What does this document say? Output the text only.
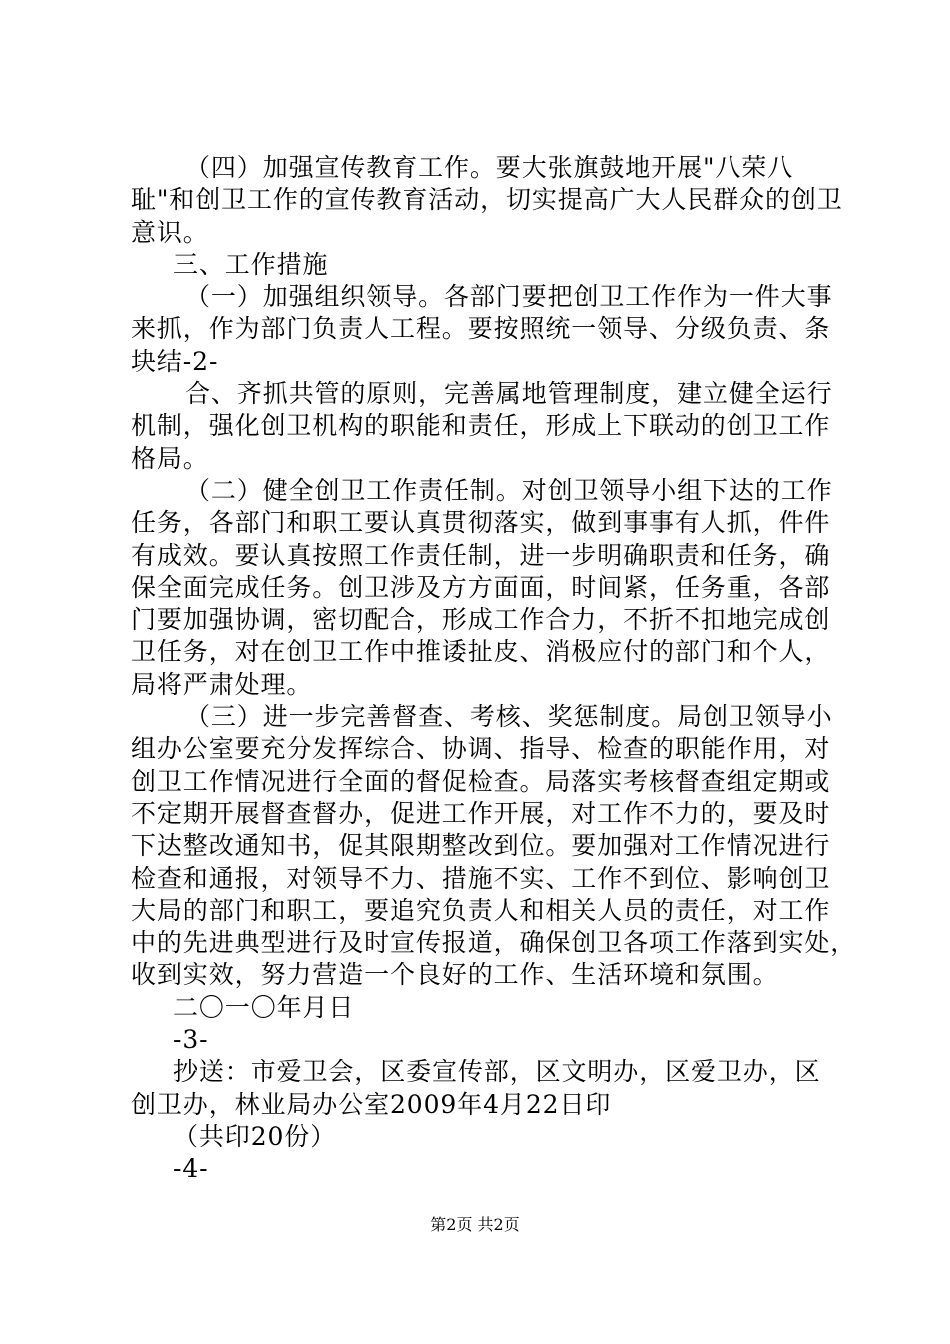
（四）加强宣传教育工作。要大张旗鼓地开展"八荣八
耻"和创卫工作的宣传教育活动，切实提高广大人民群众的创卫
意识。
三、工作措施
（一）加强组织领导。各部门要把创卫工作作为一件大事
来抓，作为部门负责人工程。要按照统一领导、分级负责、条
块结-2-
合、齐抓共管的原则，完善属地管理制度，建立健全运行
机制，强化创卫机构的职能和责任，形成上下联动的创卫工作
格局。
（二）健全创卫工作责任制。对创卫领导小组下达的工作
任务，各部门和职工要认真贯彻落实，做到事事有人抓，件件
有成效。要认真按照工作责任制，进一步明确职责和任务，确
保全面完成任务。创卫涉及方方面面，时间紧，任务重，各部
门要加强协调，密切配合，形成工作合力，不折不扣地完成创
卫任务，对在创卫工作中推诿扯皮、消极应付的部门和个人，
局将严肃处理。
（三）进一步完善督查、考核、奖惩制度。局创卫领导小
组办公室要充分发挥综合、协调、指导、检查的职能作用，对
创卫工作情况进行全面的督促检查。局落实考核督查组定期或
不定期开展督查督办，促进工作开展，对工作不力的，要及时
下达整改通知书，促其限期整改到位。要加强对工作情况进行
检查和通报，对领导不力、措施不实、工作不到位、影响创卫
大局的部门和职工，要追究负责人和相关人员的责任，对工作
中的先进典型进行及时宣传报道，确保创卫各项工作落到实处，
收到实效，努力营造一个良好的工作、生活环境和氛围。
二〇一〇年月日
-3-
抄送：市爱卫会，区委宣传部，区文明办，区爱卫办，区
创卫办，林业局办公室2009年4月22日印
（共印20份）
-4-
第2页 共2页
